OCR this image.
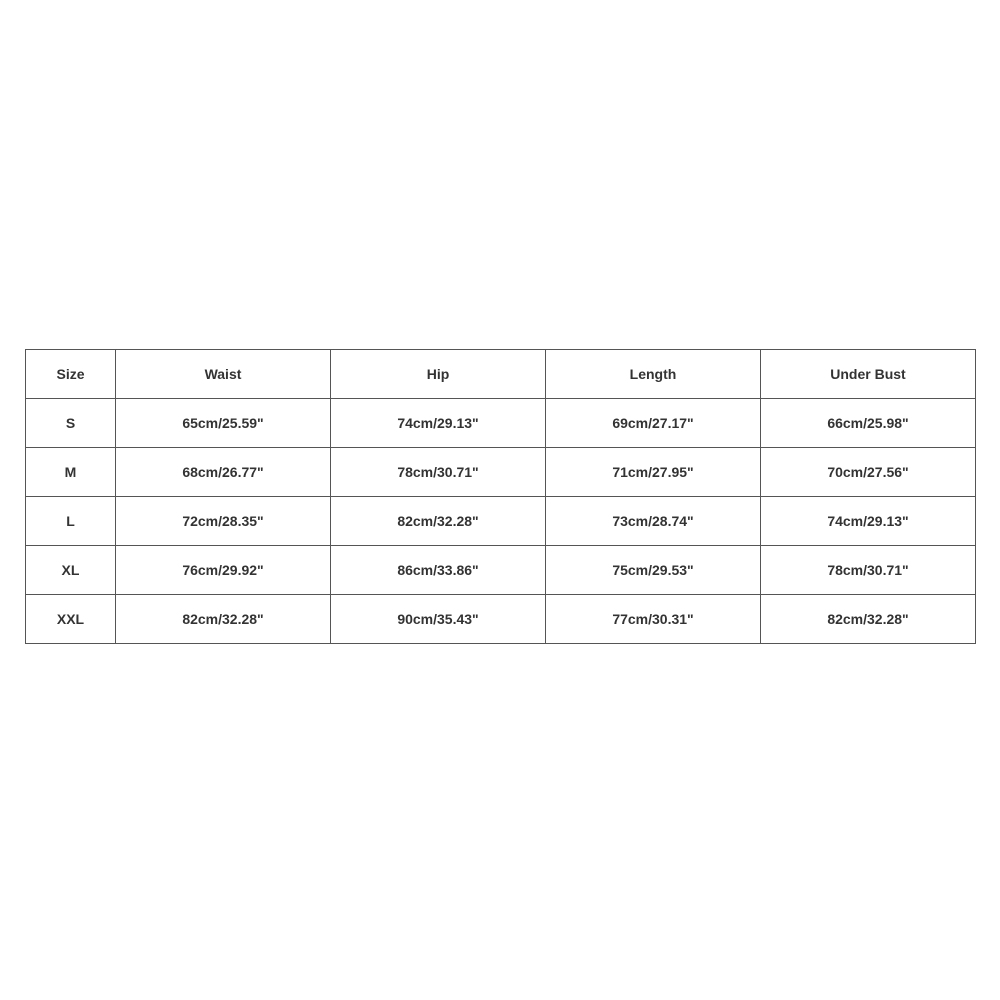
Size	Waist	Hip	Length	Under Bust
S	65cm/25.59"	74cm/29.13"	69cm/27.17"	66cm/25.98"
M	68cm/26.77"	78cm/30.71"	71cm/27.95"	70cm/27.56"
L	72cm/28.35"	82cm/32.28"	73cm/28.74"	74cm/29.13"
XL	76cm/29.92"	86cm/33.86"	75cm/29.53"	78cm/30.71"
XXL	82cm/32.28"	90cm/35.43"	77cm/30.31"	82cm/32.28"
